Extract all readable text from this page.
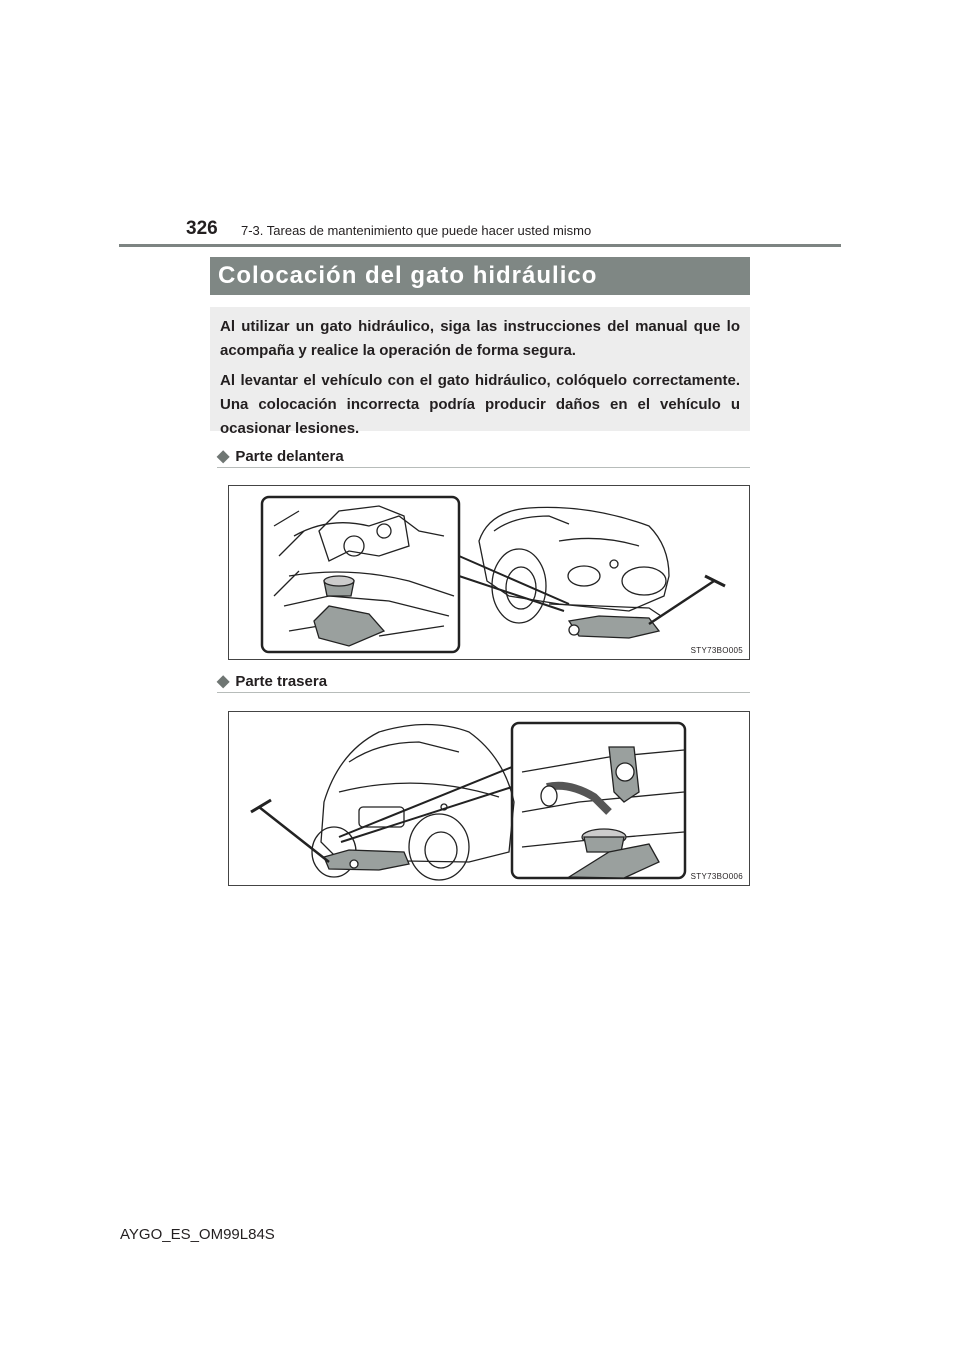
326 7-3. Tareas de mantenimiento que puede hacer usted mismo
Colocación del gato hidráulico

Al utilizar un gato hidráulico, siga las instrucciones del manual que lo acompaña y realice la operación de forma segura.

Al levantar el vehículo con el gato hidráulico, colóquelo correctamente. Una colocación incorrecta podría producir daños en el vehículo u ocasionar lesiones.

◆ Parte delantera
STY73BO005
◆ Parte trasera
STY73BO006
AYGO_ES_OM99L84S
